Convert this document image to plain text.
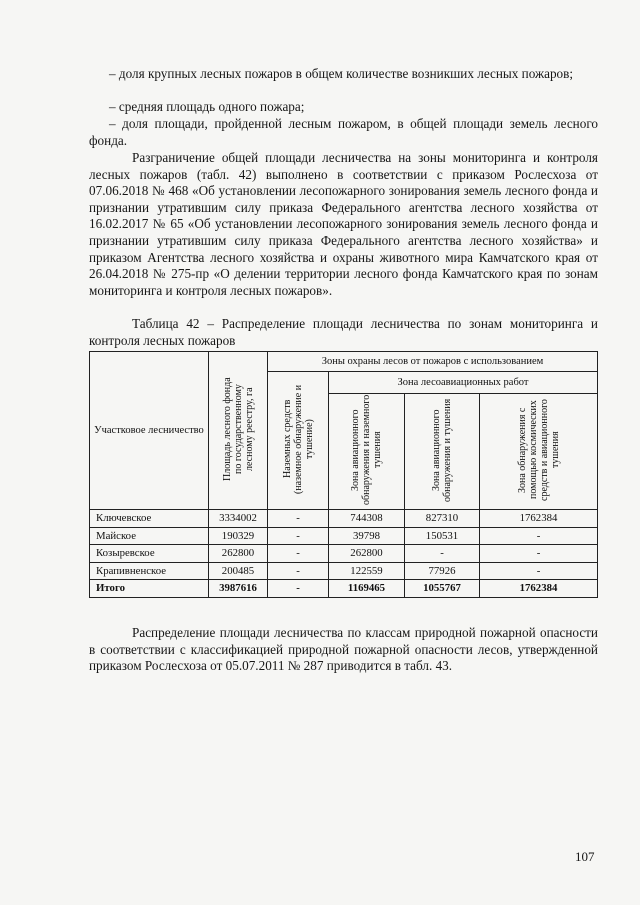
– доля крупных лесных пожаров в общем количестве возникших лесных пожаров;

– средняя площадь одного пожара;

– доля площади, пройденной лесным пожаром, в общей площади земель лесного фонда.

Разграничение общей площади лесничества на зоны мониторинга и контроля лесных пожаров (табл. 42) выполнено в соответствии с приказом Рослесхоза от 07.06.2018 № 468 «Об установлении лесопожарного зонирования земель лесного фонда и признании утратившим силу приказа Федерального агентства лесного хозяйства от 16.02.2017 № 65 «Об установлении лесопожарного зонирования земель лесного фонда и признании утратившим силу приказа Федерального агентства лесного хозяйства» и приказом Агентства лесного хозяйства и охраны животного мира Камчатского края от 26.04.2018 № 275-пр «О делении территории лесного фонда Камчатского края по зонам мониторинга и контроля лесных пожаров».

Таблица 42 – Распределение площади лесничества по зонам мониторинга и контроля лесных пожаров

Участковое лесничество	Площадь лесного фонда по государственному лесному реестру, га	Зоны охраны лесов от пожаров с использованием			
		Наземных средств (наземное обнаружение и тушение)	Зона лесоавиационных работ		
			Зона авиационного обнаружения и наземного тушения	Зона авиационного обнаружения и тушения	Зона обнаружения с помощью космических средств и авиационного тушения
Ключевское	3334002	-	744308	827310	1762384
Майское	190329	-	39798	150531	-
Козыревское	262800	-	262800	-	-
Крапивненское	200485	-	122559	77926	-
Итого	3987616	-	1169465	1055767	1762384

Распределение площади лесничества по классам природной пожарной опасности в соответствии с классификацией природной пожарной опасности лесов, утвержденной приказом Рослесхоза от 05.07.2011 № 287 приводится в табл. 43.

107
